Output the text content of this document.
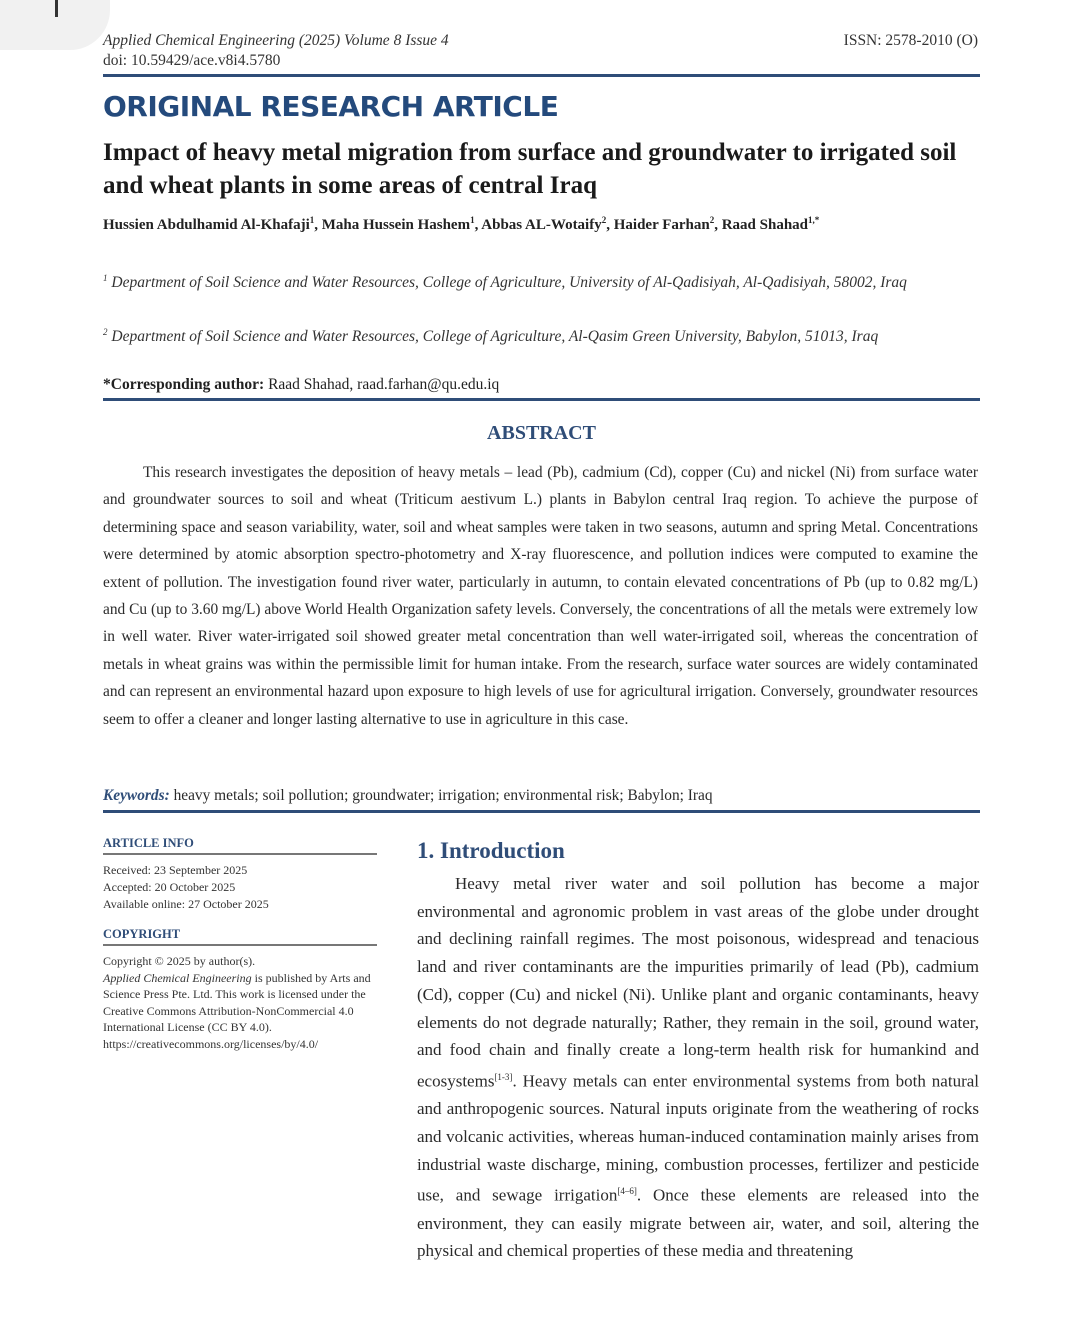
Applied Chemical Engineering (2025) Volume 8 Issue 4
doi: 10.59429/ace.v8i4.5780
ISSN: 2578-2010 (O)
ORIGINAL RESEARCH ARTICLE
Impact of heavy metal migration from surface and groundwater to irrigated soil and wheat plants in some areas of central Iraq
Hussien Abdulhamid Al-Khafaji$^1$, Maha Hussein Hashem$^1$, Abbas AL-Wotaify$^2$, Haider Farhan$^2$, Raad Shahad$^{1,*}$
$^1$ Department of Soil Science and Water Resources, College of Agriculture, University of Al-Qadisiyah, Al-Qadisiyah, 58002, Iraq
$^2$ Department of Soil Science and Water Resources, College of Agriculture, Al-Qasim Green University, Babylon, 51013, Iraq
*Corresponding author: Raad Shahad, raad.farhan@qu.edu.iq
ABSTRACT
This research investigates the deposition of heavy metals – lead (Pb), cadmium (Cd), copper (Cu) and nickel (Ni) from surface water and groundwater sources to soil and wheat (Triticum aestivum L.) plants in Babylon central Iraq region. To achieve the purpose of determining space and season variability, water, soil and wheat samples were taken in two seasons, autumn and spring Metal. Concentrations were determined by atomic absorption spectro-photometry and X-ray fluorescence, and pollution indices were computed to examine the extent of pollution. The investigation found river water, particularly in autumn, to contain elevated concentrations of Pb (up to 0.82 mg/L) and Cu (up to 3.60 mg/L) above World Health Organization safety levels. Conversely, the concentrations of all the metals were extremely low in well water. River water-irrigated soil showed greater metal concentration than well water-irrigated soil, whereas the concentration of metals in wheat grains was within the permissible limit for human intake. From the research, surface water sources are widely contaminated and can represent an environmental hazard upon exposure to high levels of use for agricultural irrigation. Conversely, groundwater resources seem to offer a cleaner and longer lasting alternative to use in agriculture in this case.
Keywords: heavy metals; soil pollution; groundwater; irrigation; environmental risk; Babylon; Iraq
ARTICLE INFO
Received: 23 September 2025
Accepted: 20 October 2025
Available online: 27 October 2025
COPYRIGHT
Copyright © 2025 by author(s).
Applied Chemical Engineering is published by Arts and Science Press Pte. Ltd. This work is licensed under the Creative Commons Attribution-NonCommercial 4.0 International License (CC BY 4.0).
https://creativecommons.org/licenses/by/4.0/
1. Introduction
Heavy metal river water and soil pollution has become a major environmental and agronomic problem in vast areas of the globe under drought and declining rainfall regimes. The most poisonous, widespread and tenacious land and river contaminants are the impurities primarily of lead (Pb), cadmium (Cd), copper (Cu) and nickel (Ni). Unlike plant and organic contaminants, heavy elements do not degrade naturally; Rather, they remain in the soil, ground water, and food chain and finally create a long-term health risk for humankind and ecosystems[1-3]. Heavy metals can enter environmental systems from both natural and anthropogenic sources. Natural inputs originate from the weathering of rocks and volcanic activities, whereas human-induced contamination mainly arises from industrial waste discharge, mining, combustion processes, fertilizer and pesticide use, and sewage irrigation[4–6]. Once these elements are released into the environment, they can easily migrate between air, water, and soil, altering the physical and chemical properties of these media and threatening
